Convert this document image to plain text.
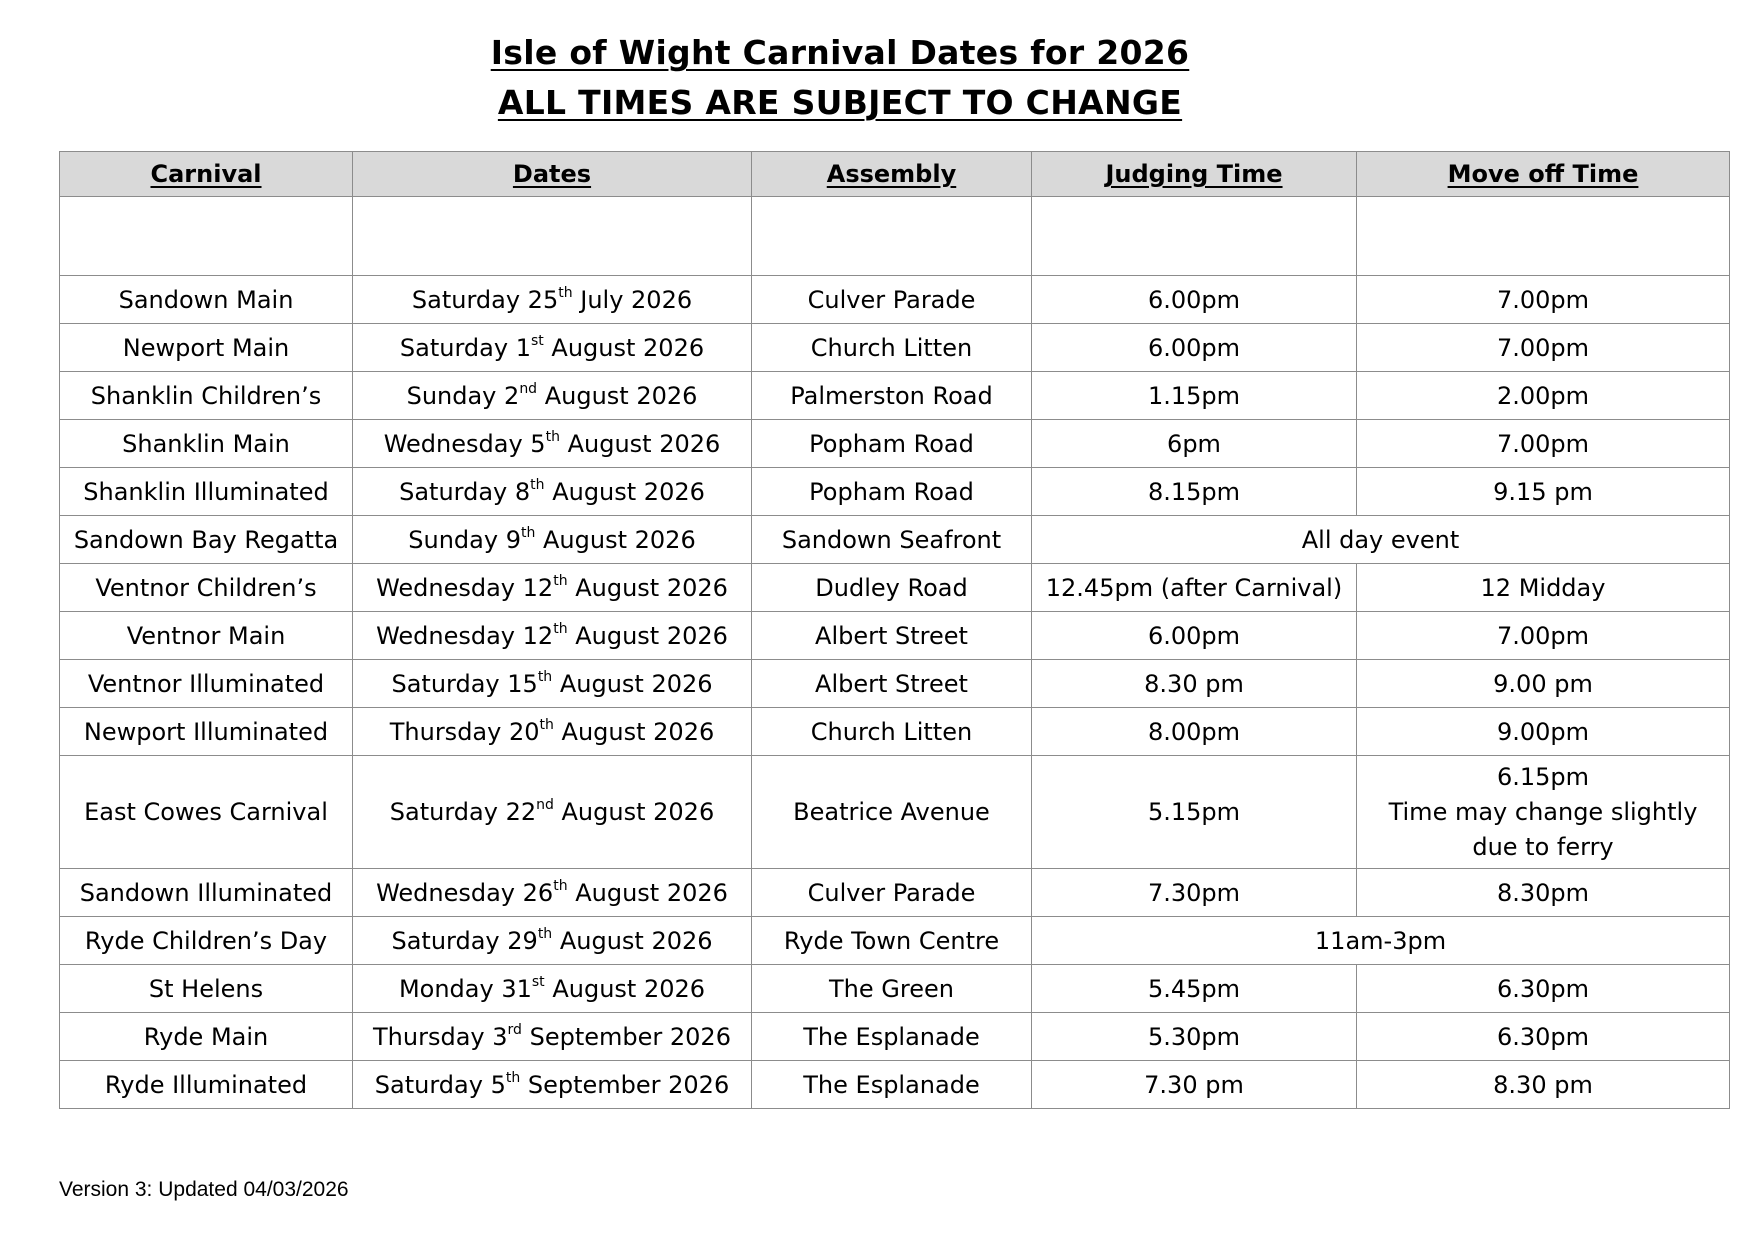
Isle of Wight Carnival Dates for 2026
ALL TIMES ARE SUBJECT TO CHANGE
Carnival	Dates	Assembly	Judging Time	Move off Time

Sandown Main	Saturday 25th July 2026	Culver Parade	6.00pm	7.00pm
Newport Main	Saturday 1st August 2026	Church Litten	6.00pm	7.00pm
Shanklin Children’s	Sunday 2nd August 2026	Palmerston Road	1.15pm	2.00pm
Shanklin Main	Wednesday 5th August 2026	Popham Road	6pm	7.00pm
Shanklin Illuminated	Saturday 8th August 2026	Popham Road	8.15pm	9.15 pm
Sandown Bay Regatta	Sunday 9th August 2026	Sandown Seafront	All day event	
Ventnor Children’s	Wednesday 12th August 2026	Dudley Road	12.45pm (after Carnival)	12 Midday
Ventnor Main	Wednesday 12th August 2026	Albert Street	6.00pm	7.00pm
Ventnor Illuminated	Saturday 15th August 2026	Albert Street	8.30 pm	9.00 pm
Newport Illuminated	Thursday 20th August 2026	Church Litten	8.00pm	9.00pm
East Cowes Carnival	Saturday 22nd August 2026	Beatrice Avenue	5.15pm	6.15pm
Time may change slightly
due to ferry

Sandown Illuminated	Wednesday 26th August 2026	Culver Parade	7.30pm	8.30pm
Ryde Children’s Day	Saturday 29th August 2026	Ryde Town Centre	11am-3pm	
St Helens	Monday 31st August 2026	The Green	5.45pm	6.30pm
Ryde Main	Thursday 3rd September 2026	The Esplanade	5.30pm	6.30pm
Ryde Illuminated	Saturday 5th September 2026	The Esplanade	7.30 pm	8.30 pm
Version 3: Updated 04/03/2026
